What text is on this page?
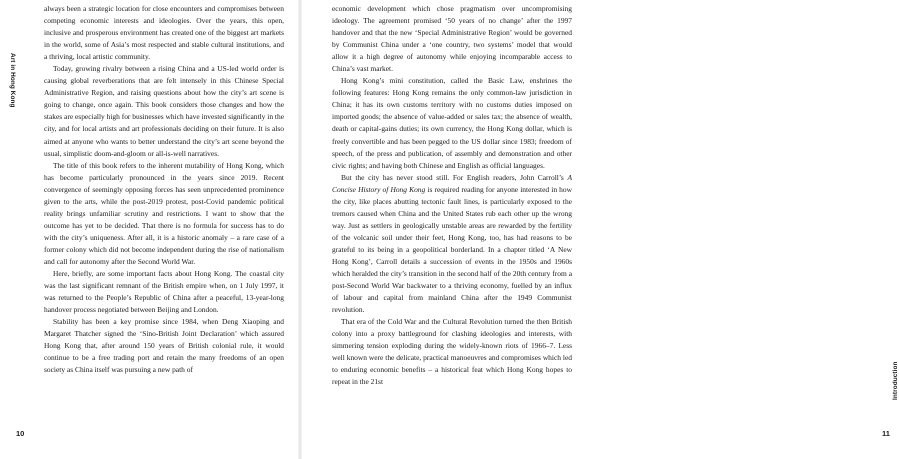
Art in Hong Kong

always been a strategic location for close encounters and compromises between competing economic interests and ideologies. Over the years, this open, inclusive and prosperous environment has created one of the biggest art markets in the world, some of Asia’s most respected and stable cultural institutions, and a thriving, local artistic community.

Today, growing rivalry between a rising China and a US-led world order is causing global reverberations that are felt intensely in this Chinese Special Administrative Region, and raising questions about how the city’s art scene is going to change, once again. This book considers those changes and how the stakes are especially high for businesses which have invested significantly in the city, and for local artists and art professionals deciding on their future. It is also aimed at anyone who wants to better understand the city’s art scene beyond the usual, simplistic doom-and-gloom or all-is-well narratives.

The title of this book refers to the inherent mutability of Hong Kong, which has become particularly pronounced in the years since 2019. Recent convergence of seemingly opposing forces has seen unprecedented prominence given to the arts, while the post-2019 protest, post-Covid pandemic political reality brings unfamiliar scrutiny and restrictions. I want to show that the outcome has yet to be decided. That there is no formula for success has to do with the city’s uniqueness. After all, it is a historic anomaly – a rare case of a former colony which did not become independent during the rise of nationalism and call for autonomy after the Second World War.

Here, briefly, are some important facts about Hong Kong. The coastal city was the last significant remnant of the British empire when, on 1 July 1997, it was returned to the People’s Republic of China after a peaceful, 13-year-long handover process negotiated between Beijing and London.

Stability has been a key promise since 1984, when Deng Xiaoping and Margaret Thatcher signed the ‘Sino-British Joint Declaration’ which assured Hong Kong that, after around 150 years of British colonial rule, it would continue to be a free trading port and retain the many freedoms of an open society as China itself was pursuing a new path of

10

economic development which chose pragmatism over uncompromising ideology. The agreement promised ‘50 years of no change’ after the 1997 handover and that the new ‘Special Administrative Region’ would be governed by Communist China under a ‘one country, two systems’ model that would allow it a high degree of autonomy while enjoying incomparable access to China’s vast market.

Hong Kong’s mini constitution, called the Basic Law, enshrines the following features: Hong Kong remains the only common-law jurisdiction in China; it has its own customs territory with no customs duties imposed on imported goods; the absence of value-added or sales tax; the absence of wealth, death or capital-gains duties; its own currency, the Hong Kong dollar, which is freely convertible and has been pegged to the US dollar since 1983; freedom of speech, of the press and publication, of assembly and demonstration and other civic rights; and having both Chinese and English as official languages.

But the city has never stood still. For English readers, John Carroll’s A Concise History of Hong Kong is required reading for anyone interested in how the city, like places abutting tectonic fault lines, is particularly exposed to the tremors caused when China and the United States rub each other up the wrong way. Just as settlers in geologically unstable areas are rewarded by the fertility of the volcanic soil under their feet, Hong Kong, too, has had reasons to be grateful to its being in a geopolitical borderland. In a chapter titled ‘A New Hong Kong’, Carroll details a succession of events in the 1950s and 1960s which heralded the city’s transition in the second half of the 20th century from a post-Second World War backwater to a thriving economy, fuelled by an influx of labour and capital from mainland China after the 1949 Communist revolution.

That era of the Cold War and the Cultural Revolution turned the then British colony into a proxy battleground for clashing ideologies and interests, with simmering tension exploding during the widely-known riots of 1966–7. Less well known were the delicate, practical manoeuvres and compromises which led to enduring economic benefits – a historical feat which Hong Kong hopes to repeat in the 21st	Introduction
11
